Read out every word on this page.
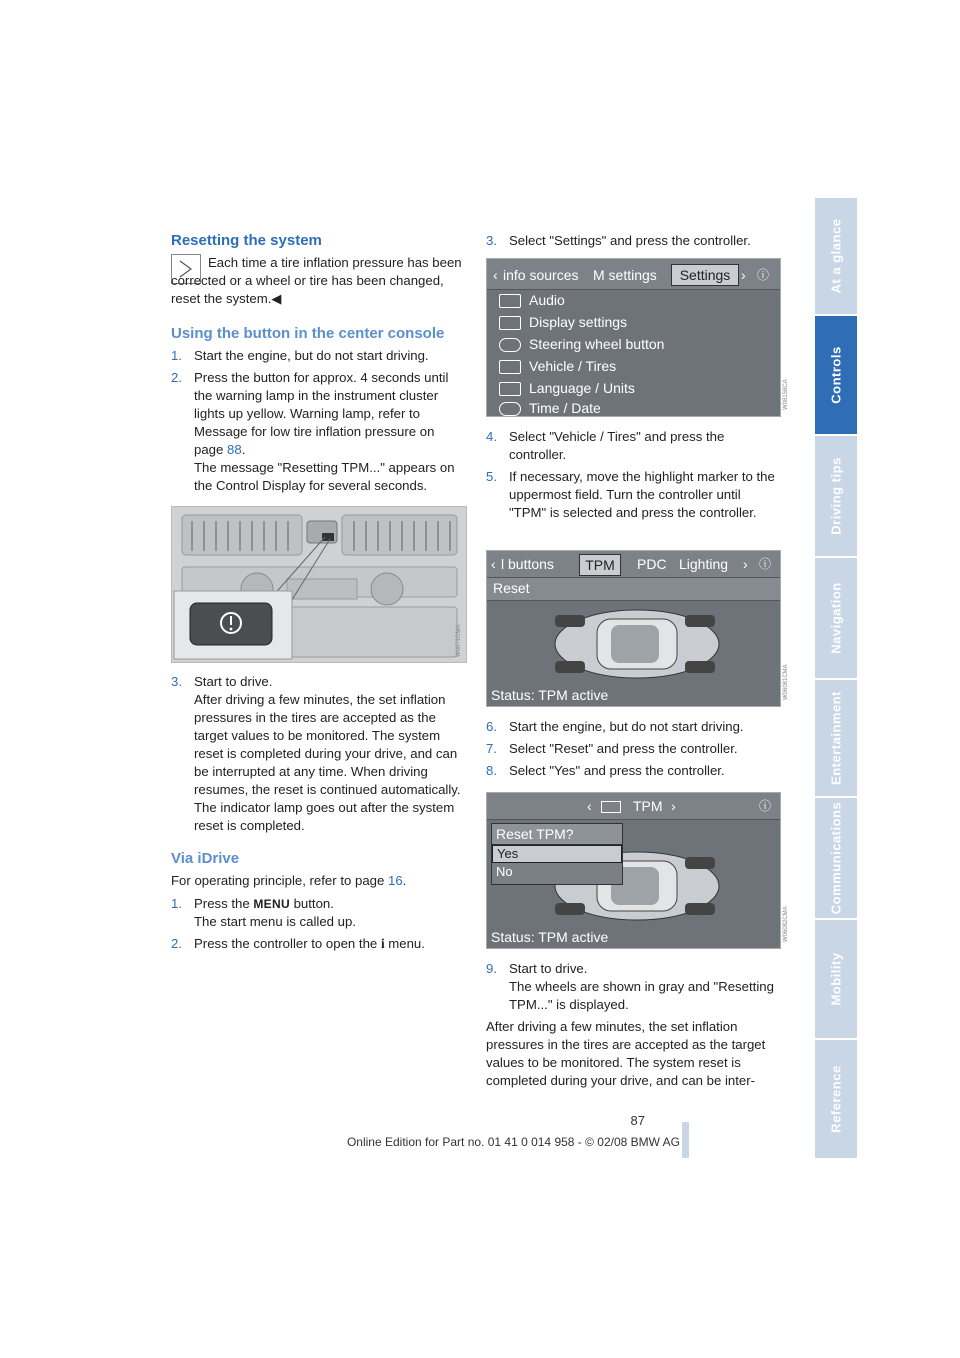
At a glance
Controls
Driving tips
Navigation
Entertainment
Communications
Mobility
Reference
Resetting the system

Each time a tire inflation pressure has been corrected or a wheel or tire has been changed, reset the system.◀

Using the button in the center console
1. Start the engine, but do not start driving.
2. Press the button for approx. 4 seconds until the warning lamp in the instrument cluster lights up yellow. Warning lamp, refer to Message for low tire inflation pressure on page 88.
The message "Resetting TPM..." appears on the Control Display for several seconds.
W0071CMA
3. Start to drive.
After driving a few minutes, the set inflation pressures in the tires are accepted as the target values to be monitored. The system reset is completed during your drive, and can be interrupted at any time. When driving resumes, the reset is continued automatically. The indicator lamp goes out after the system reset is completed.
Via iDrive

For operating principle, refer to page 16.

1. Press the MENU button.
The start menu is called up.
2. Press the controller to open the i menu.
3. Select "Settings" and press the controller.
‹ info sources M settings	Settings › ⓘ
Audio
Display settings
Steering wheel button
Vehicle / Tires
Language / Units
Time / Date	W08158CA
4. Select "Vehicle / Tires" and press the controller.
5. If necessary, move the highlight marker to the uppermost field. Turn the controller until "TPM" is selected and press the controller.
‹ l buttons	TPM	PDC Lighting › ⓘ
Reset
Status: TPM active	W06081CMA
6. Start the engine, but do not start driving.
7. Select "Reset" and press the controller.
8. Select "Yes" and press the controller.
‹	TPM ›	ⓘ
Reset TPM?
Yes
No
Status: TPM active	W06082CMA
9. Start to drive.
The wheels are shown in gray and "Resetting TPM..." is displayed.

After driving a few minutes, the set inflation pressures in the tires are accepted as the target values to be monitored. The system reset is completed during your drive, and can be inter-

87
Online Edition for Part no. 01 41 0 014 958 - © 02/08 BMW AG
